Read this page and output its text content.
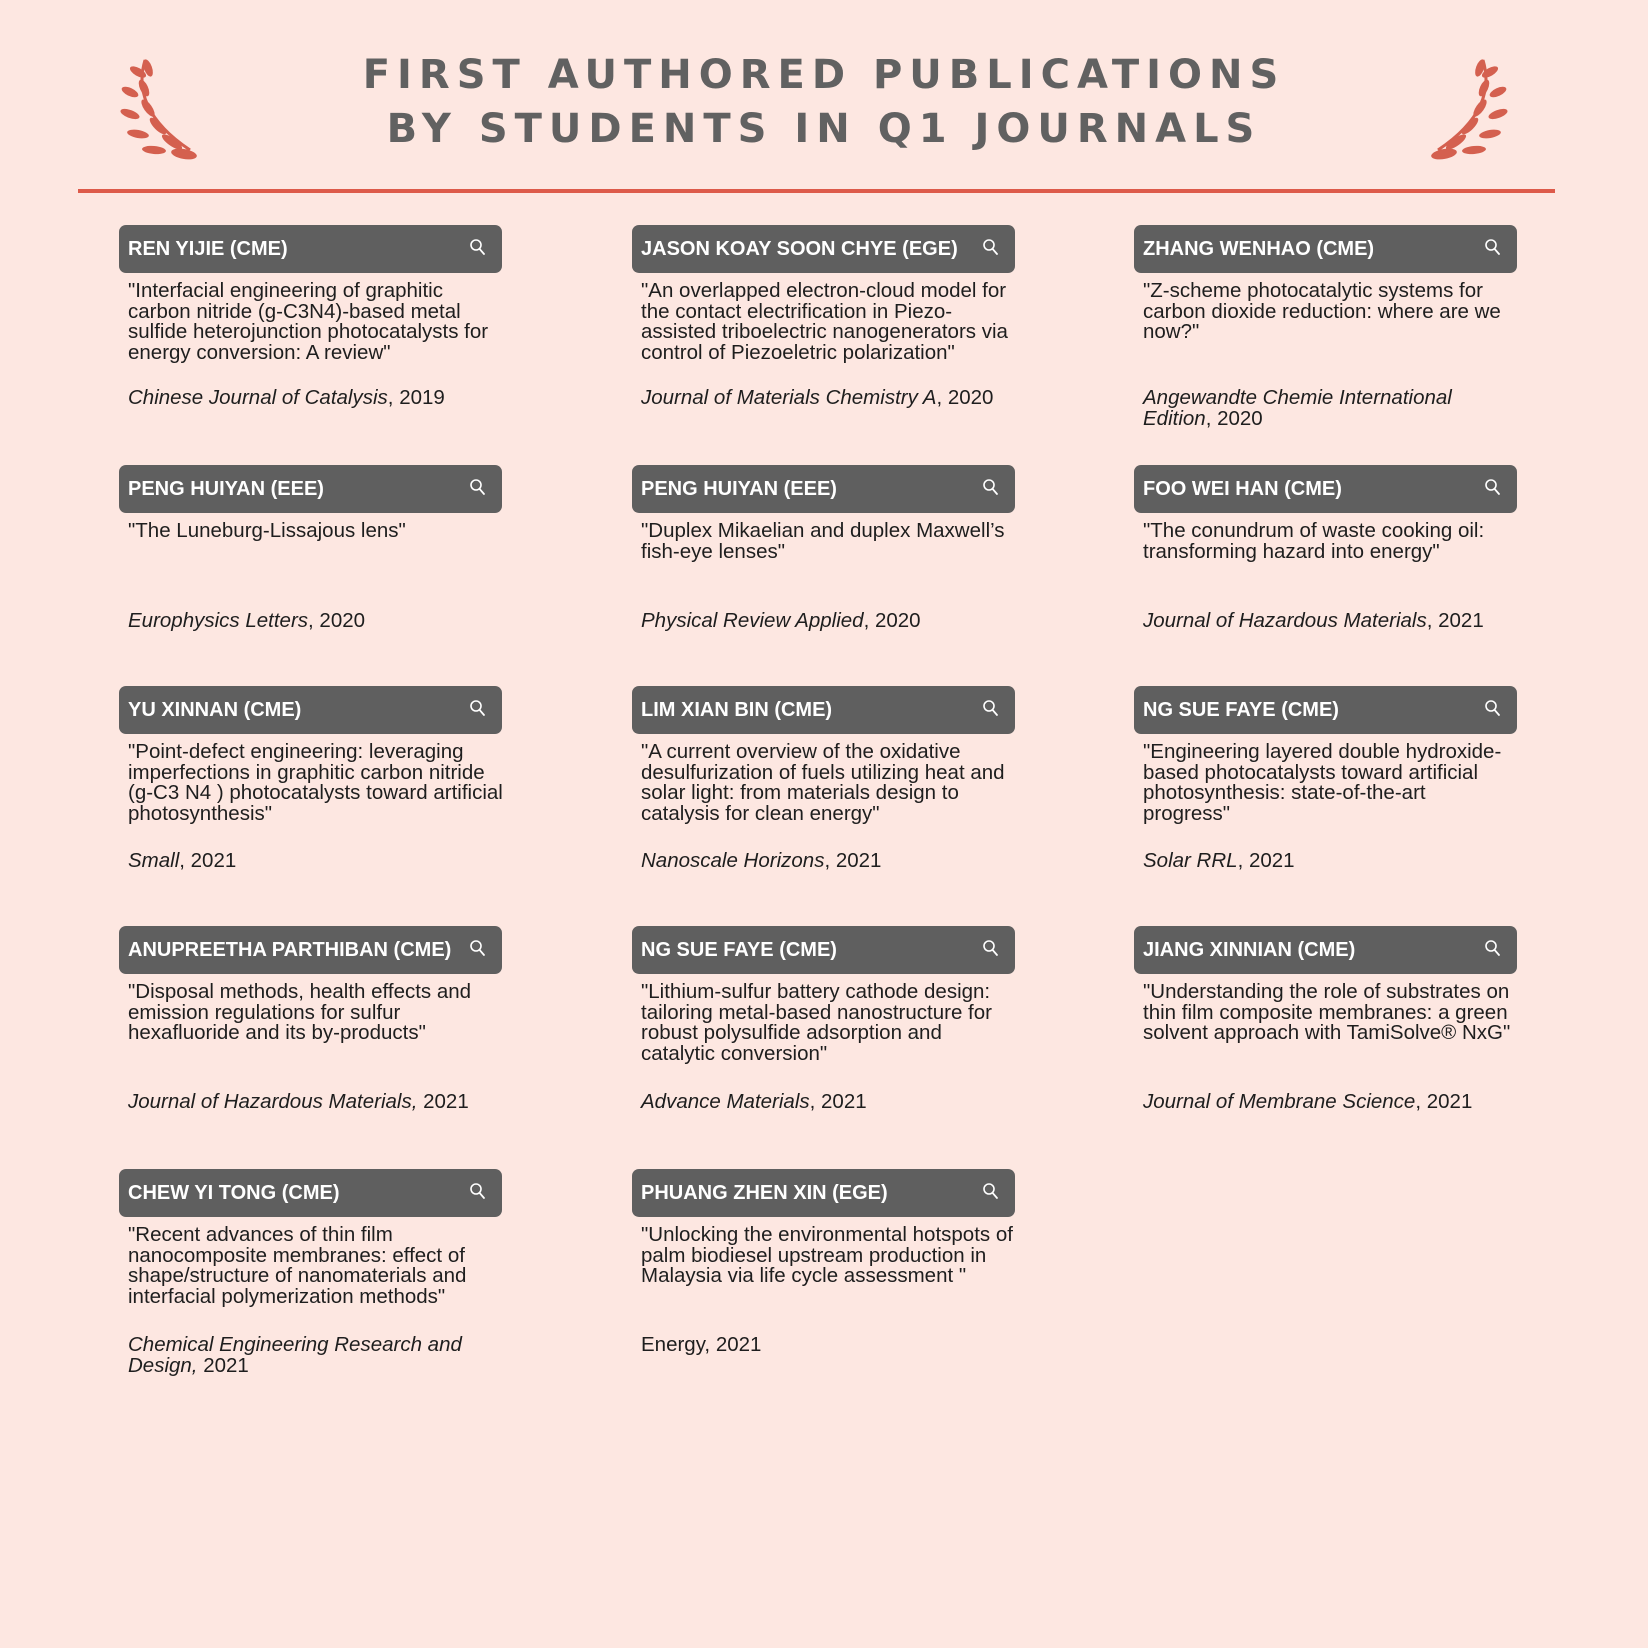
FIRST AUTHORED PUBLICATIONS
BY STUDENTS IN Q1 JOURNALS
REN YIJIE (CME)
"Interfacial engineering of graphitic carbon nitride (g-C3N4)-based metal sulfide heterojunction photocatalysts for energy conversion: A review"
Chinese Journal of Catalysis, 2019
JASON KOAY SOON CHYE (EGE)
"An overlapped electron-cloud model for the contact electrification in Piezo-assisted triboelectric nanogenerators via control of Piezoeletric polarization"
Journal of Materials Chemistry A, 2020
ZHANG WENHAO (CME)
"Z-scheme photocatalytic systems for carbon dioxide reduction: where are we now?"
Angewandte Chemie International Edition, 2020
PENG HUIYAN (EEE)
"The Luneburg-Lissajous lens"
Europhysics Letters, 2020
PENG HUIYAN (EEE)
"Duplex Mikaelian and duplex Maxwell’s fish-eye lenses"
Physical Review Applied, 2020
FOO WEI HAN (CME)
"The conundrum of waste cooking oil: transforming hazard into energy"
Journal of Hazardous Materials, 2021
YU XINNAN (CME)
"Point-defect engineering: leveraging imperfections in graphitic carbon nitride (g-C3 N4 ) photocatalysts toward artificial photosynthesis"
Small, 2021
LIM XIAN BIN (CME)
"A current overview of the oxidative desulfurization of fuels utilizing heat and solar light: from materials design to catalysis for clean energy"
Nanoscale Horizons, 2021
NG SUE FAYE (CME)
"Engineering layered double hydroxide-based photocatalysts toward artificial photosynthesis: state-of-the-art progress"
Solar RRL, 2021
ANUPREETHA PARTHIBAN (CME)
"Disposal methods, health effects and emission regulations for sulfur hexafluoride and its by-products"
Journal of Hazardous Materials, 2021
NG SUE FAYE (CME)
"Lithium-sulfur battery cathode design: tailoring metal-based nanostructure for robust polysulfide adsorption and catalytic conversion"
Advance Materials, 2021
JIANG XINNIAN (CME)
"Understanding the role of substrates on thin film composite membranes: a green solvent approach with TamiSolve® NxG"
Journal of Membrane Science, 2021
CHEW YI TONG (CME)
"Recent advances of thin film nanocomposite membranes: effect of shape/structure of nanomaterials and interfacial polymerization methods"
Chemical Engineering Research and Design, 2021
PHUANG ZHEN XIN (EGE)
"Unlocking the environmental hotspots of palm biodiesel upstream production in Malaysia via life cycle assessment "
Energy, 2021
